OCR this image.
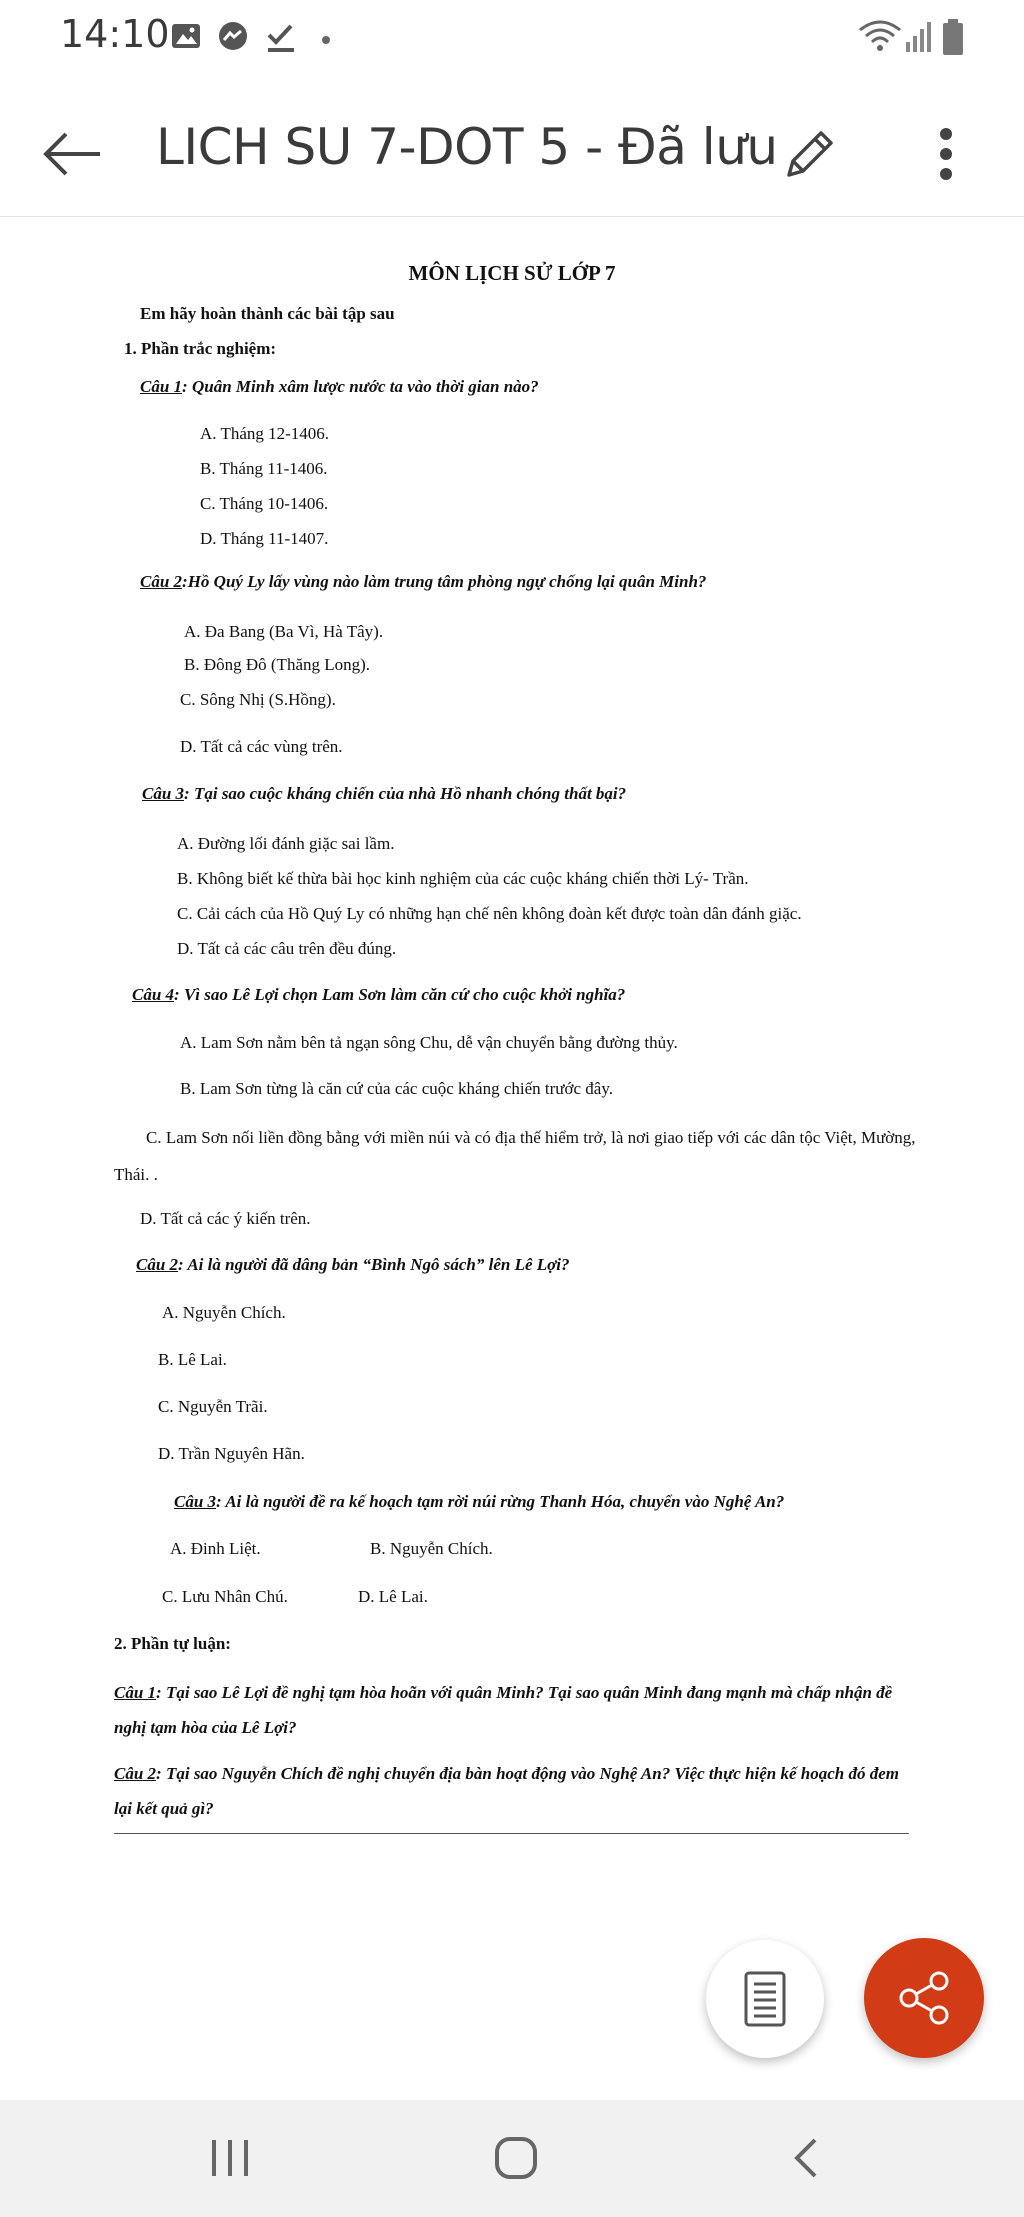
14:10
LICH SU 7-DOT 5 - Đã lưu
MÔN LỊCH SỬ LỚP 7
Em hãy hoàn thành các bài tập sau
1. Phần trắc nghiệm:
Câu 1: Quân Minh xâm lược nước ta vào thời gian nào?
A. Tháng 12-1406.
B. Tháng 11-1406.
C. Tháng 10-1406.
D. Tháng 11-1407.
Câu 2:Hồ Quý Ly lấy vùng nào làm trung tâm phòng ngự chống lại quân Minh?
A. Đa Bang (Ba Vì, Hà Tây).
B. Đông Đô (Thăng Long).
C. Sông Nhị (S.Hồng).
D. Tất cả các vùng trên.
Câu 3: Tại sao cuộc kháng chiến của nhà Hồ nhanh chóng thất bại?
A. Đường lối đánh giặc sai lầm.
B. Không biết kế thừa bài học kinh nghiệm của các cuộc kháng chiến thời Lý- Trần.
C. Cải cách của Hồ Quý Ly có những hạn chế nên không đoàn kết được toàn dân đánh giặc.
D. Tất cả các câu trên đều đúng.
Câu 4: Vì sao Lê Lợi chọn Lam Sơn làm căn cứ cho cuộc khởi nghĩa?
A. Lam Sơn nằm bên tả ngạn sông Chu, dễ vận chuyển bằng đường thủy.
B. Lam Sơn từng là căn cứ của các cuộc kháng chiến trước đây.
C. Lam Sơn nối liền đồng bằng với miền núi và có địa thế hiểm trở, là nơi giao tiếp với các dân tộc Việt, Mường,
Thái. .
D. Tất cả các ý kiến trên.
Câu 2: Ai là người đã dâng bản “Bình Ngô sách” lên Lê Lợi?
A. Nguyễn Chích.
B. Lê Lai.
C. Nguyễn Trãi.
D. Trần Nguyên Hãn.
Câu 3: Ai là người đề ra kế hoạch tạm rời núi rừng Thanh Hóa, chuyển vào Nghệ An?
A. Đinh Liệt.	B. Nguyễn Chích.
C. Lưu Nhân Chú.	D. Lê Lai.
2. Phần tự luận:
Câu 1: Tại sao Lê Lợi đề nghị tạm hòa hoãn với quân Minh? Tại sao quân Minh đang mạnh mà chấp nhận đề
nghị tạm hòa của Lê Lợi?
Câu 2: Tại sao Nguyễn Chích đề nghị chuyển địa bàn hoạt động vào Nghệ An? Việc thực hiện kế hoạch đó đem
lại kết quả gì?
